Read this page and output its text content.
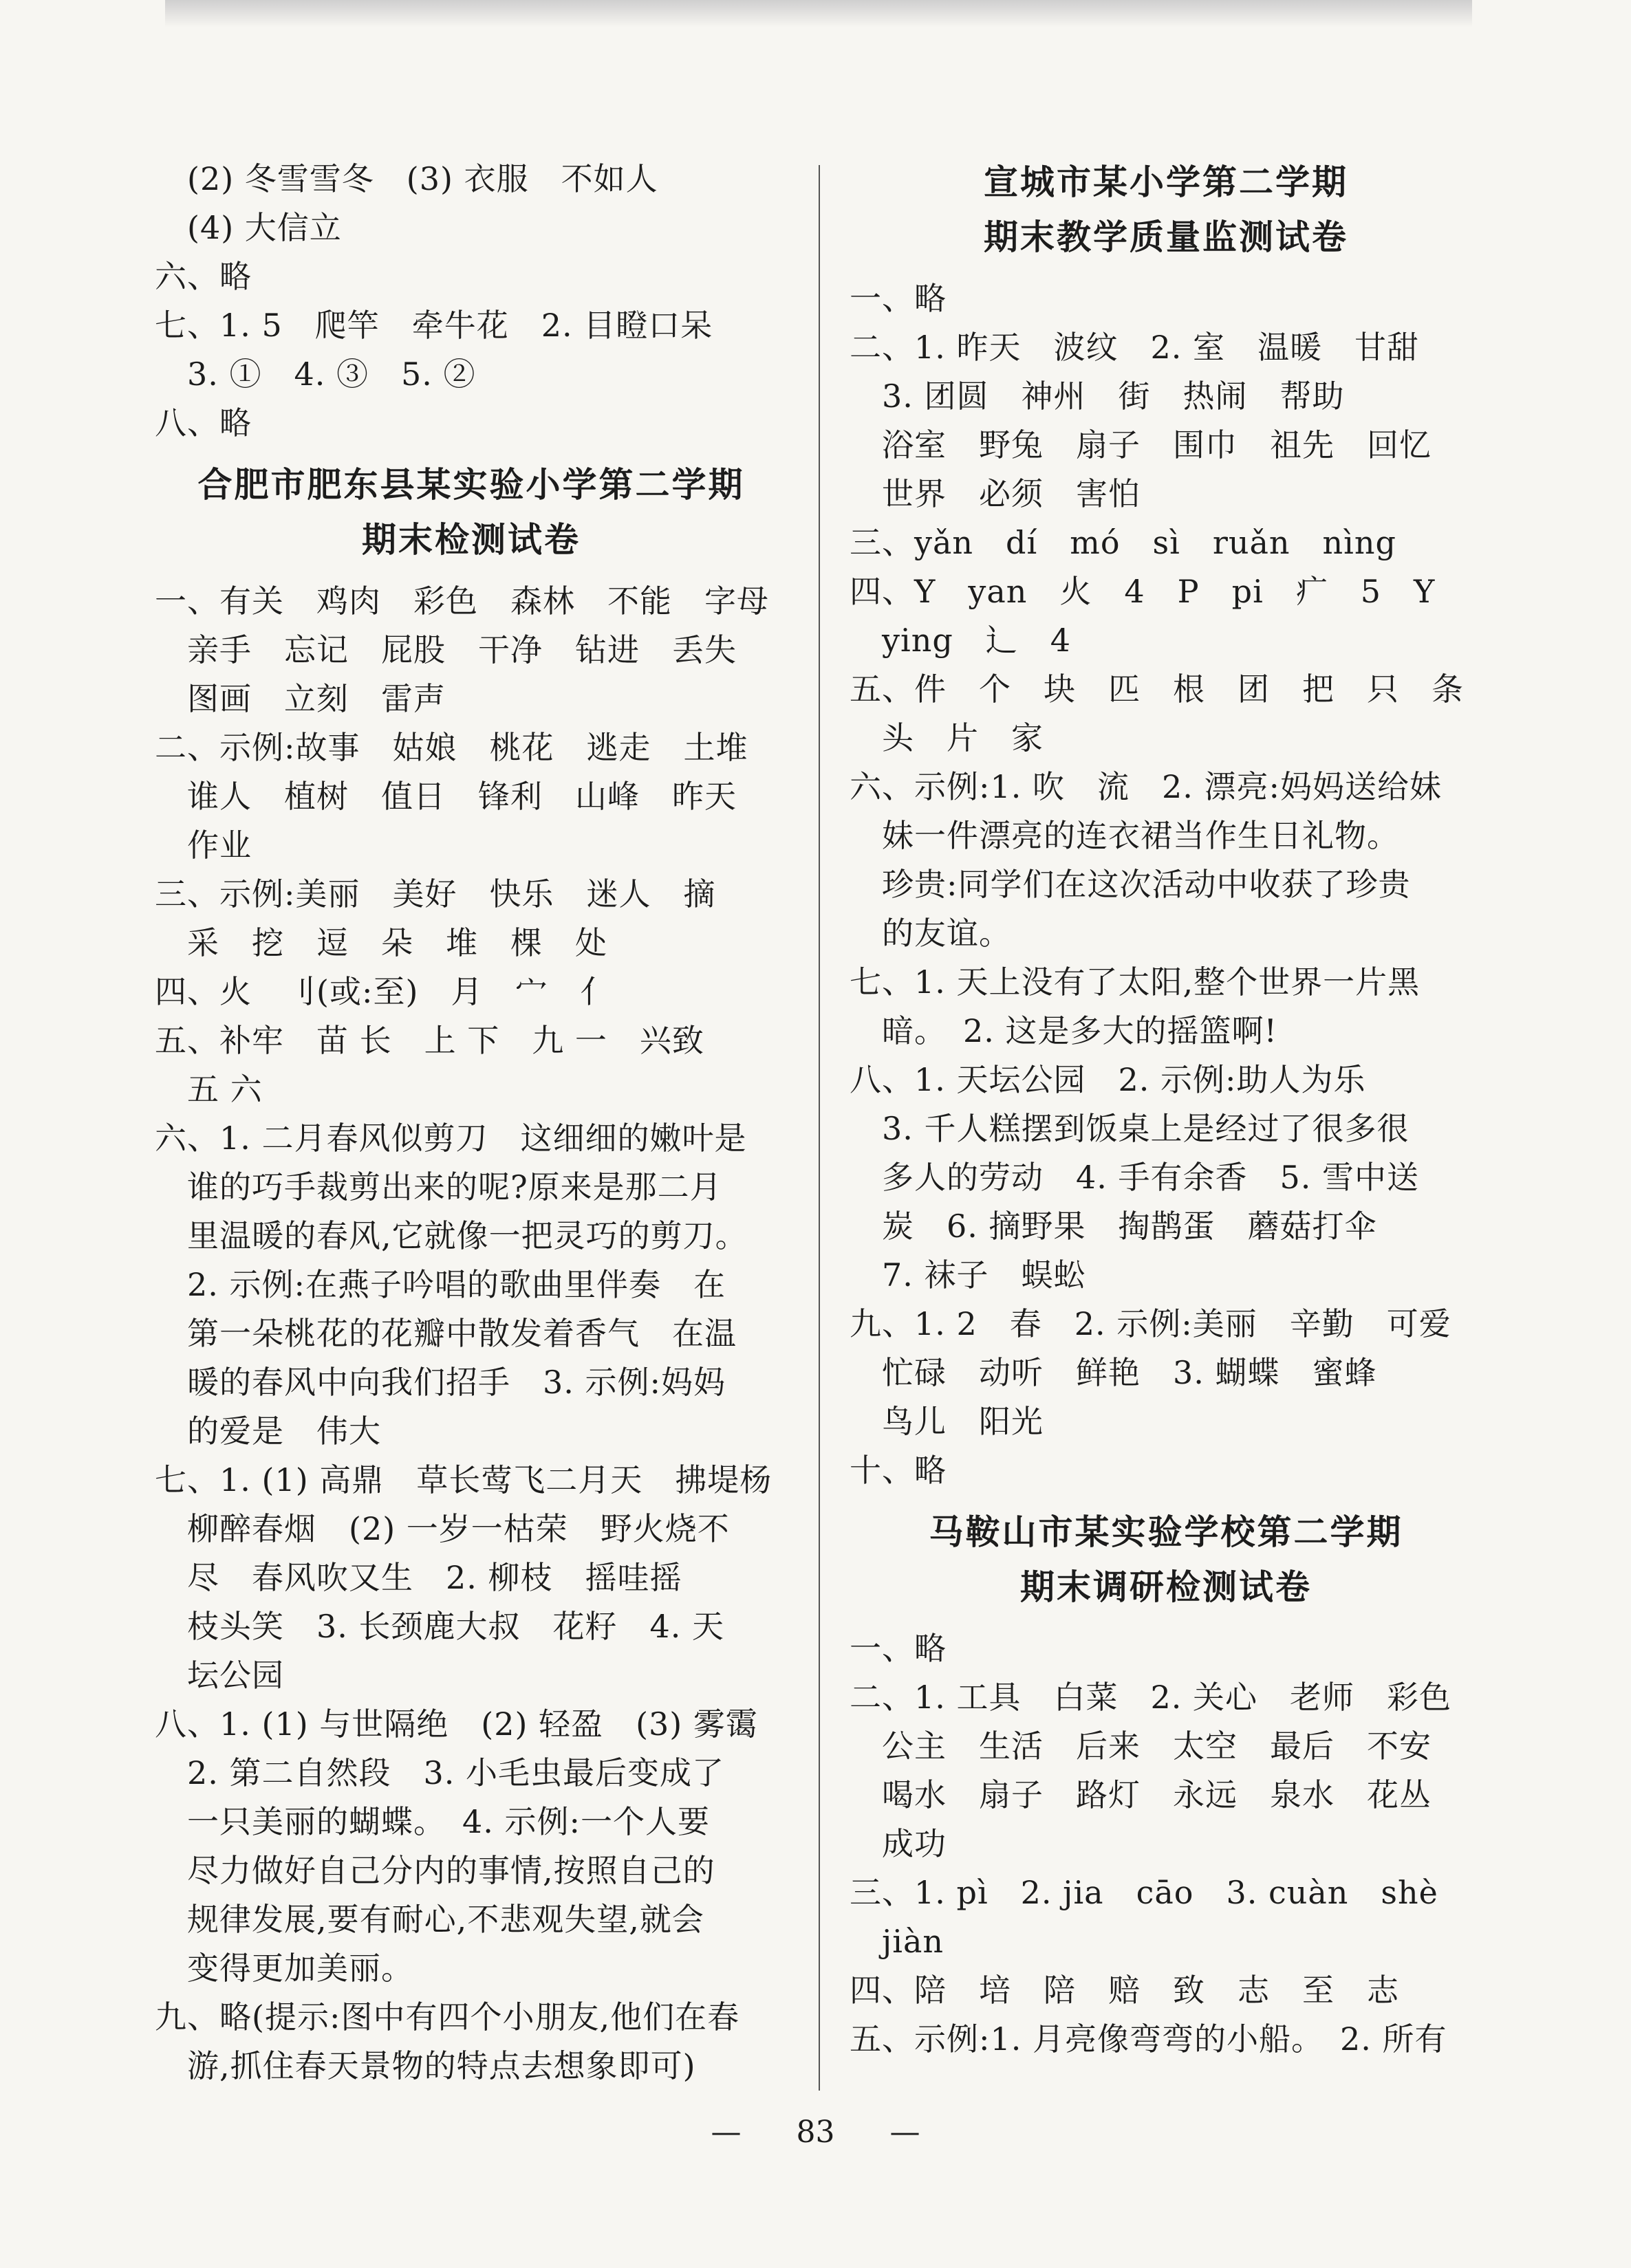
　(2) 冬雪雪冬　(3) 衣服　不如人
　(4) 大信立
六、略
七、1. 5　爬竿　牵牛花　2. 目瞪口呆
　3. ①　4. ③　5. ②
八、略
合肥市肥东县某实验小学第二学期
期末检测试卷
一、有关　鸡肉　彩色　森林　不能　字母
　亲手　忘记　屁股　干净　钻进　丢失
　图画　立刻　雷声
二、示例:故事　姑娘　桃花　逃走　土堆
　谁人　植树　值日　锋利　山峰　昨天
　作业
三、示例:美丽　美好　快乐　迷人　摘
　采　挖　逗　朵　堆　棵　处
四、火　刂(或:至)　月　宀　亻
五、补牢　苗 长　上 下　九 一　兴致
　五 六
六、1. 二月春风似剪刀　这细细的嫩叶是
　谁的巧手裁剪出来的呢?原来是那二月
　里温暖的春风,它就像一把灵巧的剪刀。
　2. 示例:在燕子吟唱的歌曲里伴奏　在
　第一朵桃花的花瓣中散发着香气　在温
　暖的春风中向我们招手　3. 示例:妈妈
　的爱是　伟大
七、1. (1) 高鼎　草长莺飞二月天　拂堤杨
　柳醉春烟　(2) 一岁一枯荣　野火烧不
　尽　春风吹又生　2. 柳枝　摇哇摇
　枝头笑　3. 长颈鹿大叔　花籽　4. 天
　坛公园
八、1. (1) 与世隔绝　(2) 轻盈　(3) 雾霭
　2. 第二自然段　3. 小毛虫最后变成了
　一只美丽的蝴蝶。　4. 示例:一个人要
　尽力做好自己分内的事情,按照自己的
　规律发展,要有耐心,不悲观失望,就会
　变得更加美丽。
九、略(提示:图中有四个小朋友,他们在春
　游,抓住春天景物的特点去想象即可)
宣城市某小学第二学期
期末教学质量监测试卷
一、略
二、1. 昨天　波纹　2. 室　温暖　甘甜
　3. 团圆　神州　街　热闹　帮助
　浴室　野兔　扇子　围巾　祖先　回忆
　世界　必须　害怕
三、yǎn　dí　mó　sì　ruǎn　nìng
四、Y　yan　火　4　P　pi　疒　5　Y
　ying　辶　4
五、件　个　块　匹　根　团　把　只　条
　头　片　家
六、示例:1. 吹　流　2. 漂亮:妈妈送给妹
　妹一件漂亮的连衣裙当作生日礼物。
　珍贵:同学们在这次活动中收获了珍贵
　的友谊。
七、1. 天上没有了太阳,整个世界一片黑
　暗。　2. 这是多大的摇篮啊!
八、1. 天坛公园　2. 示例:助人为乐
　3. 千人糕摆到饭桌上是经过了很多很
　多人的劳动　4. 手有余香　5. 雪中送
　炭　6. 摘野果　掏鹊蛋　蘑菇打伞
　7. 袜子　蜈蚣
九、1. 2　春　2. 示例:美丽　辛勤　可爱
　忙碌　动听　鲜艳　3. 蝴蝶　蜜蜂
　鸟儿　阳光
十、略
马鞍山市某实验学校第二学期
期末调研检测试卷
一、略
二、1. 工具　白菜　2. 关心　老师　彩色
　公主　生活　后来　太空　最后　不安
　喝水　扇子　路灯　永远　泉水　花丛
　成功
三、1. pì　2. jia　cāo　3. cuàn　shè
　jiàn
四、陪　培　陪　赔　致　志　至　志
五、示例:1. 月亮像弯弯的小船。　2. 所有
— 83 —
